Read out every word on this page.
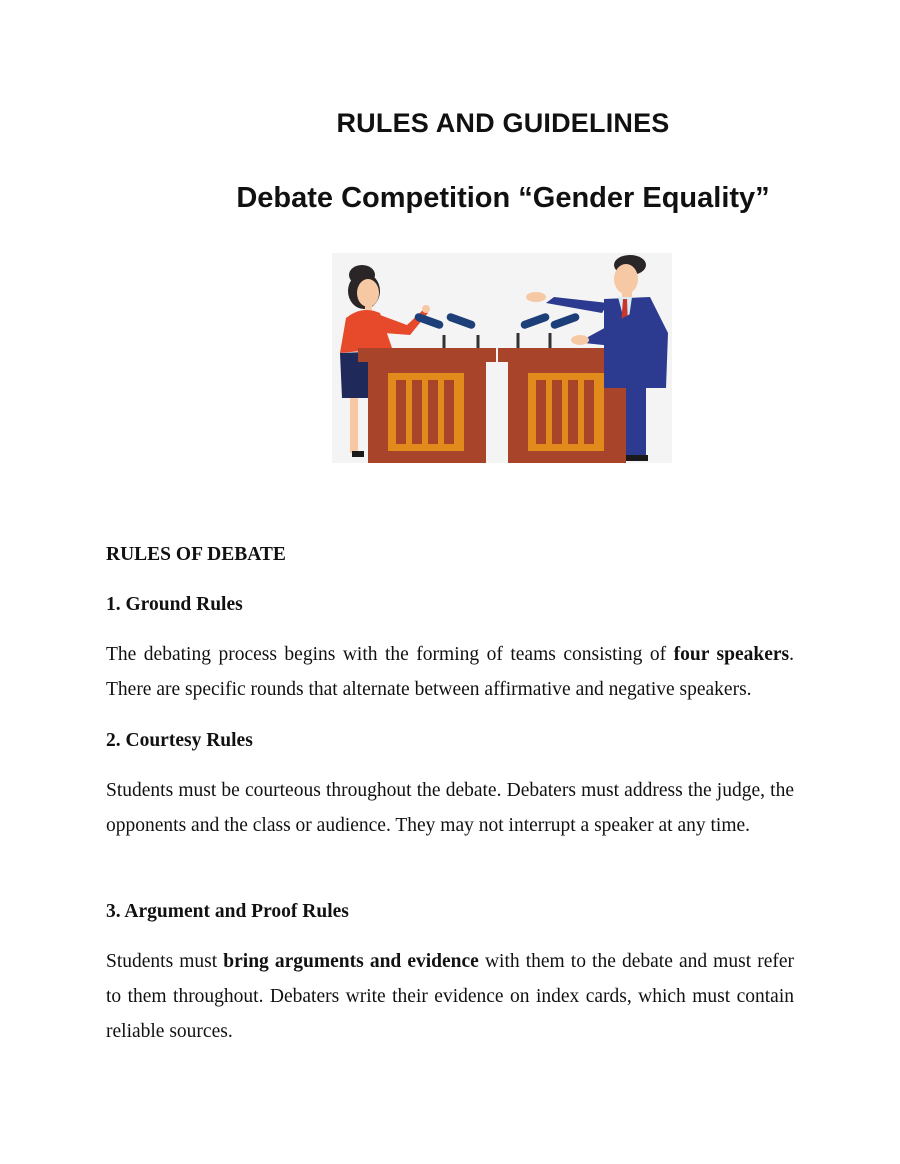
RULES AND GUIDELINES
Debate Competition “Gender Equality”

RULES OF DEBATE

1. Ground Rules

The debating process begins with the forming of teams consisting of four speakers. There are specific rounds that alternate between affirmative and negative speakers.

2. Courtesy Rules

Students must be courteous throughout the debate. Debaters must address the judge, the opponents and the class or audience. They may not interrupt a speaker at any time.

3. Argument and Proof Rules

Students must bring arguments and evidence with them to the debate and must refer to them throughout. Debaters write their evidence on index cards, which must contain reliable sources.
